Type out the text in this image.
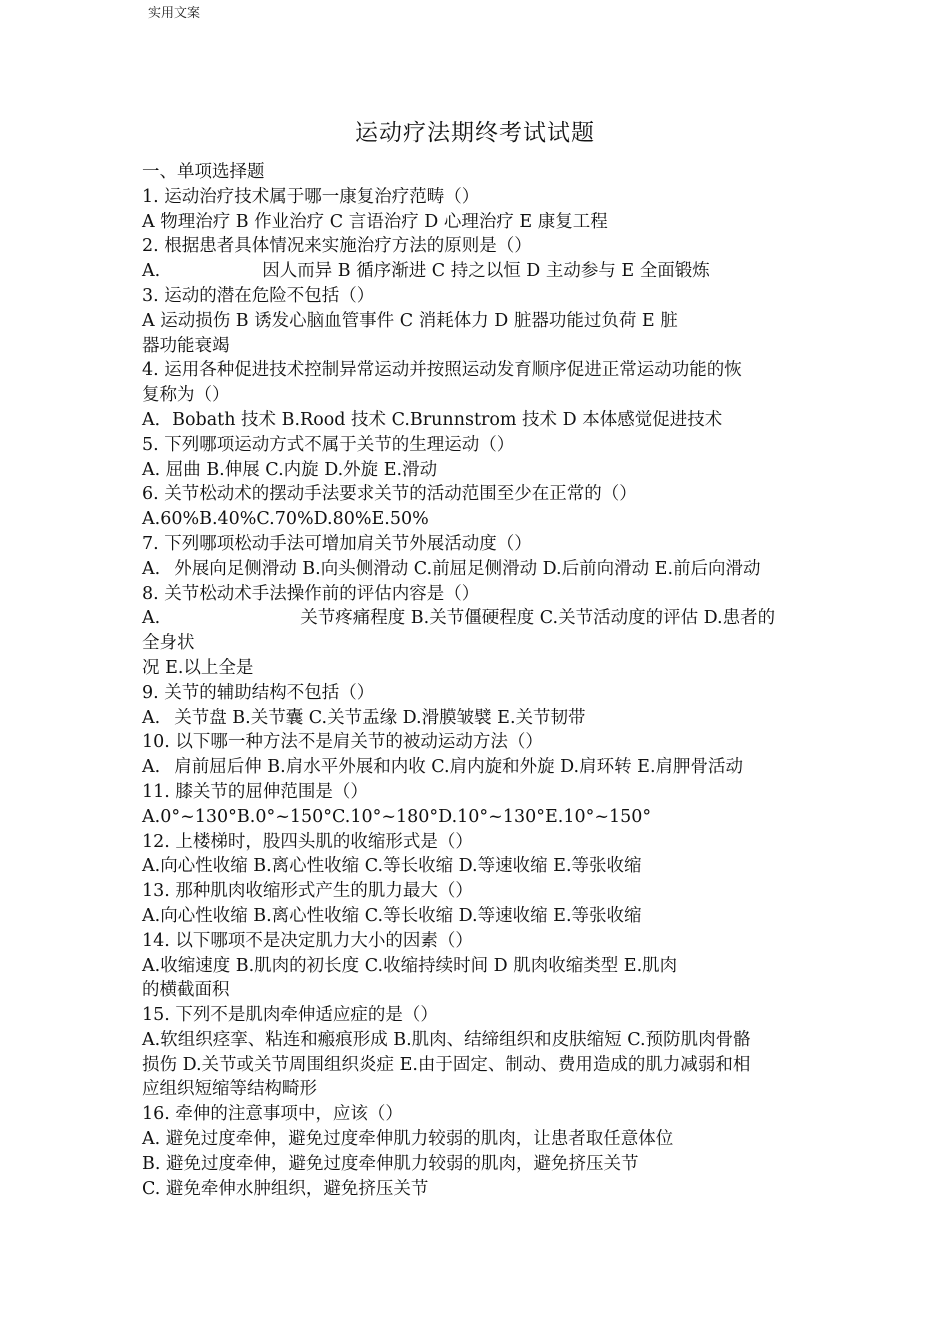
实用文案
运动疗法期终考试试题
一、单项选择题
1. 运动治疗技术属于哪一康复治疗范畴（）
A 物理治疗 B 作业治疗 C 言语治疗 D 心理治疗 E 康复工程
2. 根据患者具体情况来实施治疗方法的原则是（）
A.	因人而异 B 循序渐进 C 持之以恒 D 主动参与 E 全面锻炼
3. 运动的潜在危险不包括（）
A 运动损伤 B 诱发心脑血管事件 C 消耗体力 D 脏器功能过负荷 E 脏
器功能衰竭
4. 运用各种促进技术控制异常运动并按照运动发育顺序促进正常运动功能的恢
复称为（）
A．Bobath 技术 B.Rood 技术 C.Brunnstrom 技术 D 本体感觉促进技术
5. 下列哪项运动方式不属于关节的生理运动（）
A. 屈曲 B.伸展 C.内旋 D.外旋 E.滑动
6. 关节松动术的摆动手法要求关节的活动范围至少在正常的（）
A.60%B.40%C.70%D.80%E.50%
7. 下列哪项松动手法可增加肩关节外展活动度（）
A. 外展向足侧滑动 B.向头侧滑动 C.前屈足侧滑动 D.后前向滑动 E.前后向滑动
8. 关节松动术手法操作前的评估内容是（）
A.	关节疼痛程度 B.关节僵硬程度 C.关节活动度的评估 D.患者的
全身状
况 E.以上全是
9. 关节的辅助结构不包括（）
A. 关节盘 B.关节囊 C.关节盂缘 D.滑膜皱襞 E.关节韧带
10. 以下哪一种方法不是肩关节的被动运动方法（）
A. 肩前屈后伸 B.肩水平外展和内收 C.肩内旋和外旋 D.肩环转 E.肩胛骨活动
11. 膝关节的屈伸范围是（）
A.0°~130°B.0°~150°C.10°~180°D.10°~130°E.10°~150°
12. 上楼梯时，股四头肌的收缩形式是（）
A.向心性收缩 B.离心性收缩 C.等长收缩 D.等速收缩 E.等张收缩
13. 那种肌肉收缩形式产生的肌力最大（）
A.向心性收缩 B.离心性收缩 C.等长收缩 D.等速收缩 E.等张收缩
14. 以下哪项不是决定肌力大小的因素（）
A.收缩速度 B.肌肉的初长度 C.收缩持续时间 D 肌肉收缩类型 E.肌肉
的横截面积
15. 下列不是肌肉牵伸适应症的是（）
A.软组织痉挛、粘连和瘢痕形成 B.肌肉、结缔组织和皮肤缩短 C.预防肌肉骨骼
损伤 D.关节或关节周围组织炎症 E.由于固定、制动、费用造成的肌力减弱和相
应组织短缩等结构畸形
16. 牵伸的注意事项中，应该（）
A. 避免过度牵伸，避免过度牵伸肌力较弱的肌肉，让患者取任意体位
B. 避免过度牵伸，避免过度牵伸肌力较弱的肌肉，避免挤压关节
C. 避免牵伸水肿组织，避免挤压关节
